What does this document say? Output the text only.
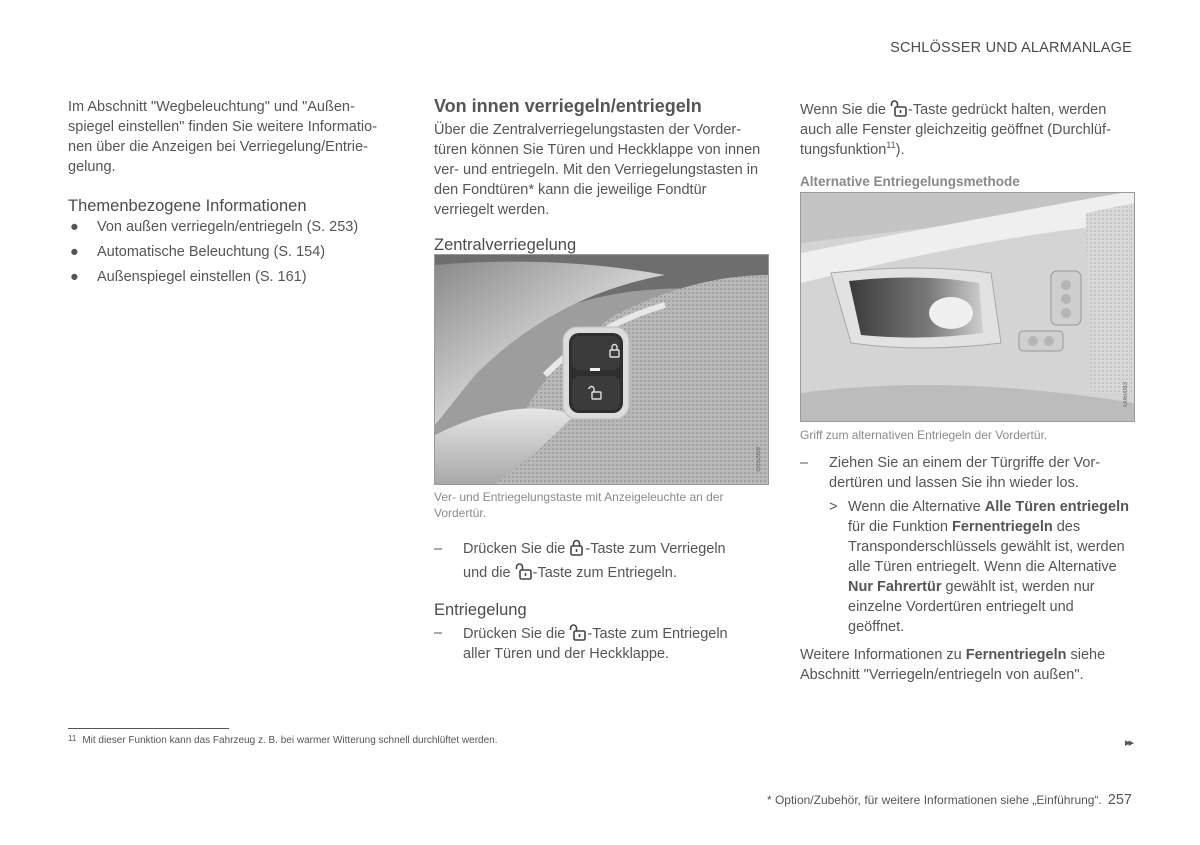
SCHLÖSSER UND ALARMANLAGE

Im Abschnitt "Wegbeleuchtung" und "Außenspiegel einstellen" finden Sie weitere Informationen über die Anzeigen bei Verriegelung/Entriegelung.

Themenbezogene Informationen
● Von außen verriegeln/entriegeln (S. 253)
● Automatische Beleuchtung (S. 154)
● Außenspiegel einstellen (S. 161)
Von innen verriegeln/entriegeln

Über die Zentralverriegelungstasten der Vordertüren können Sie Türen und Heckklappe von innen ver- und entriegeln. Mit den Verriegelungstasten in den Fondtüren* kann die jeweilige Fondtür verriegelt werden.

Zentralverriegelung
G052909
Ver- und Entriegelungstaste mit Anzeigeleuchte an der Vordertür.
– Drücken Sie die -Taste zum Verriegeln
und die -Taste zum Entriegeln.
Entriegelung
– Drücken Sie die -Taste zum Entriegeln
aller Türen und der Heckklappe.

Wenn Sie die -Taste gedrückt halten, werden auch alle Fenster gleichzeitig geöffnet (Durchlüftungsfunktion$^{11}$).

Alternative Entriegelungsmethode
G060083
Griff zum alternativen Entriegeln der Vordertür.
– Ziehen Sie an einem der Türgriffe der Vordertüren und lassen Sie ihn wieder los.
> Wenn die Alternative Alle Türen entriegeln für die Funktion Fernentriegeln des Transponderschlüssels gewählt ist, werden alle Türen entriegelt. Wenn die Alternative Nur Fahrertür gewählt ist, werden nur einzelne Vordertüren entriegelt und geöffnet.

Weitere Informationen zu Fernentriegeln siehe Abschnitt "Verriegeln/entriegeln von außen".

$^{11}$ Mit dieser Funktion kann das Fahrzeug z. B. bei warmer Witterung schnell durchlüftet werden.	▸▸
* Option/Zubehör, für weitere Informationen siehe „Einführung“. 257
